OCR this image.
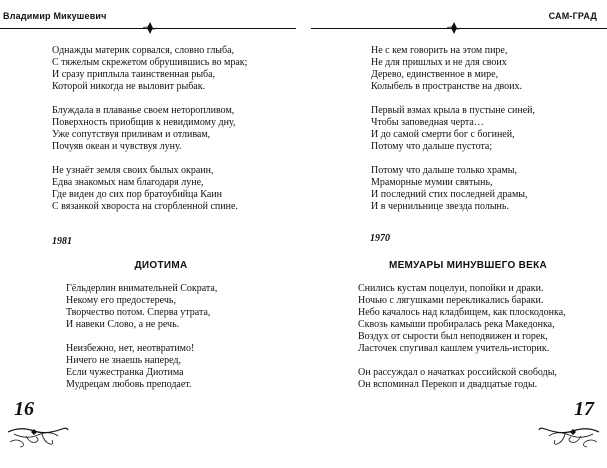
Владимир Микушевич	САМ-ГРАД
Однажды материк сорвался, словно глыба,
С тяжелым скрежетом обрушившись во мрак;
И сразу приплыла таинственная рыба,
Которой никогда не выловит рыбак.
Блуждала в плаванье своем неторопливом,
Поверхность приобщив к невидимому дну,
Уже сопутствуя приливам и отливам,
Почуяв океан и чувствуя луну.
Не узнаёт земля своих былых окраин,
Едва знакомых нам благодаря луне,
Где виден до сих пор братоубийца Каин
С вязанкой хвороста на сгорбленной спине.
1981
ДИОТИМА
Гёльдерлин внимательней Сократа,
Некому его предостеречь,
Творчество потом. Сперва утрата,
И навеки Слово, а не речь.
Неизбежно, нет, неотвратимо!
Ничего не знаешь наперед,
Если чужестранка Диотима
Мудрецам любовь преподает.
16
Не с кем говорить на этом пире,
Не для пришлых и не для своих
Дерево, единственное в мире,
Колыбель в пространстве на двоих.
Первый взмах крыла в пустыне синей,
Чтобы заповедная черта…
И до самой смерти бог с богиней,
Потому что дальше пустота;
Потому что дальше только храмы,
Мраморные мумии святынь,
И последний стих последней драмы,
И в чернильнице звезда полынь.
1970
МЕМУАРЫ МИНУВШЕГО ВЕКА
Снились кустам поцелуи, попойки и драки.
Ночью с лягушками перекликались бараки.
Небо качалось над кладбищем, как плоскодонка,
Сквозь камыши пробиралась река Македонка,
Воздух от сырости был неподвижен и горек,
Ласточек спугивал кашлем учитель-историк.
Он рассуждал о начатках российской свободы,
Он вспоминал Перекоп и двадцатые годы.
17
